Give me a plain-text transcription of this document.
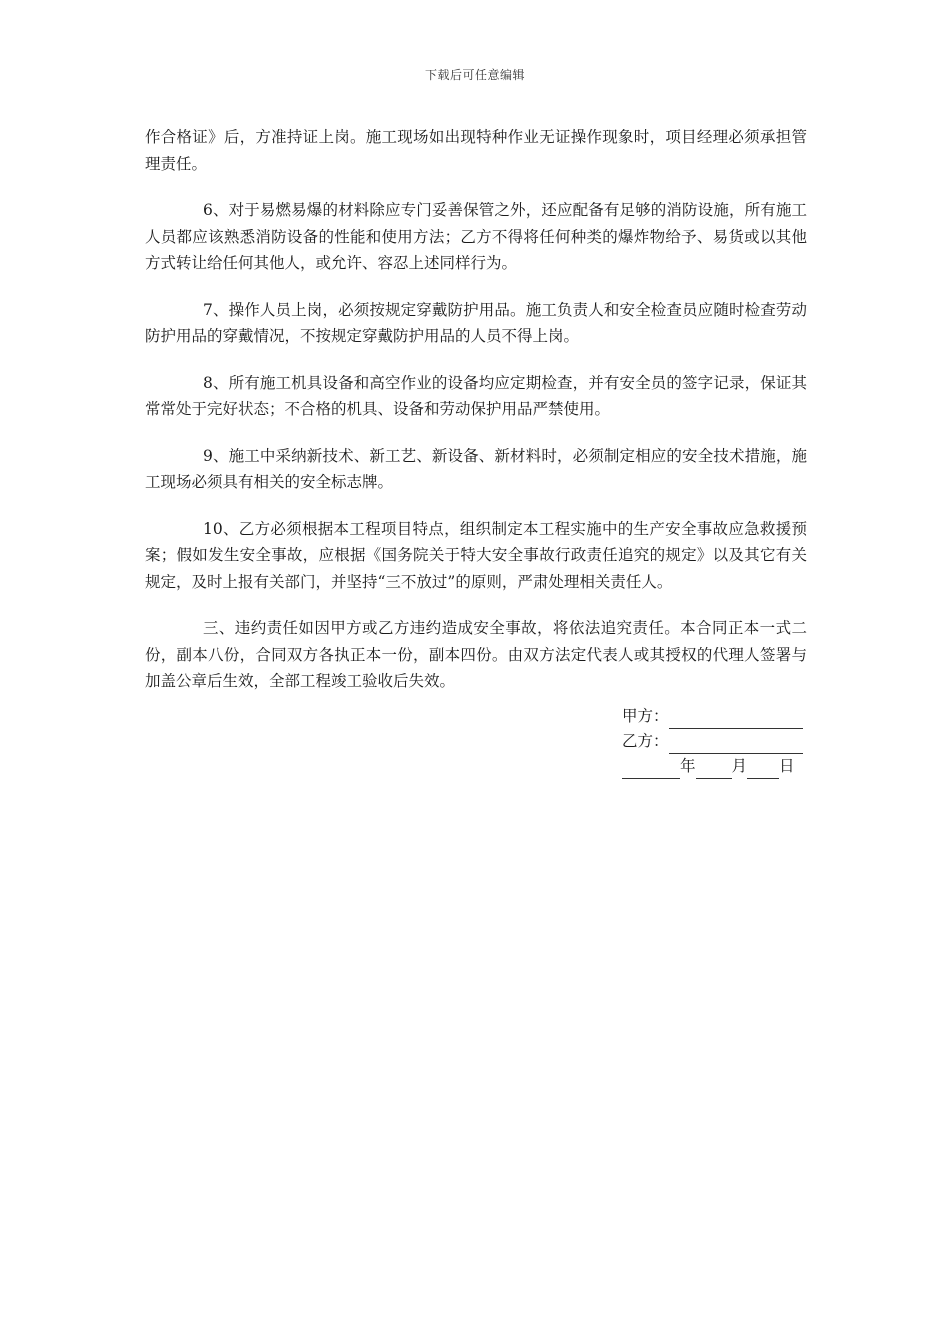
下载后可任意编辑

作合格证》后，方准持证上岗。施工现场如出现特种作业无证操作现象时，项目经理必须承担管理责任。

6、对于易燃易爆的材料除应专门妥善保管之外，还应配备有足够的消防设施，所有施工人员都应该熟悉消防设备的性能和使用方法；乙方不得将任何种类的爆炸物给予、易货或以其他方式转让给任何其他人，或允许、容忍上述同样行为。

7、操作人员上岗，必须按规定穿戴防护用品。施工负责人和安全检查员应随时检查劳动防护用品的穿戴情况，不按规定穿戴防护用品的人员不得上岗。

8、所有施工机具设备和高空作业的设备均应定期检查，并有安全员的签字记录，保证其常常处于完好状态；不合格的机具、设备和劳动保护用品严禁使用。

9、施工中采纳新技术、新工艺、新设备、新材料时，必须制定相应的安全技术措施，施工现场必须具有相关的安全标志牌。

10、乙方必须根据本工程项目特点，组织制定本工程实施中的生产安全事故应急救援预案；假如发生安全事故，应根据《国务院关于特大安全事故行政责任追究的规定》以及其它有关规定，及时上报有关部门，并坚持“三不放过”的原则，严肃处理相关责任人。

三、违约责任如因甲方或乙方违约造成安全事故，将依法追究责任。本合同正本一式二份，副本八份，合同双方各执正本一份，副本四份。由双方法定代表人或其授权的代理人签署与加盖公章后生效，全部工程竣工验收后失效。

甲方：
乙方：
年 月 日
